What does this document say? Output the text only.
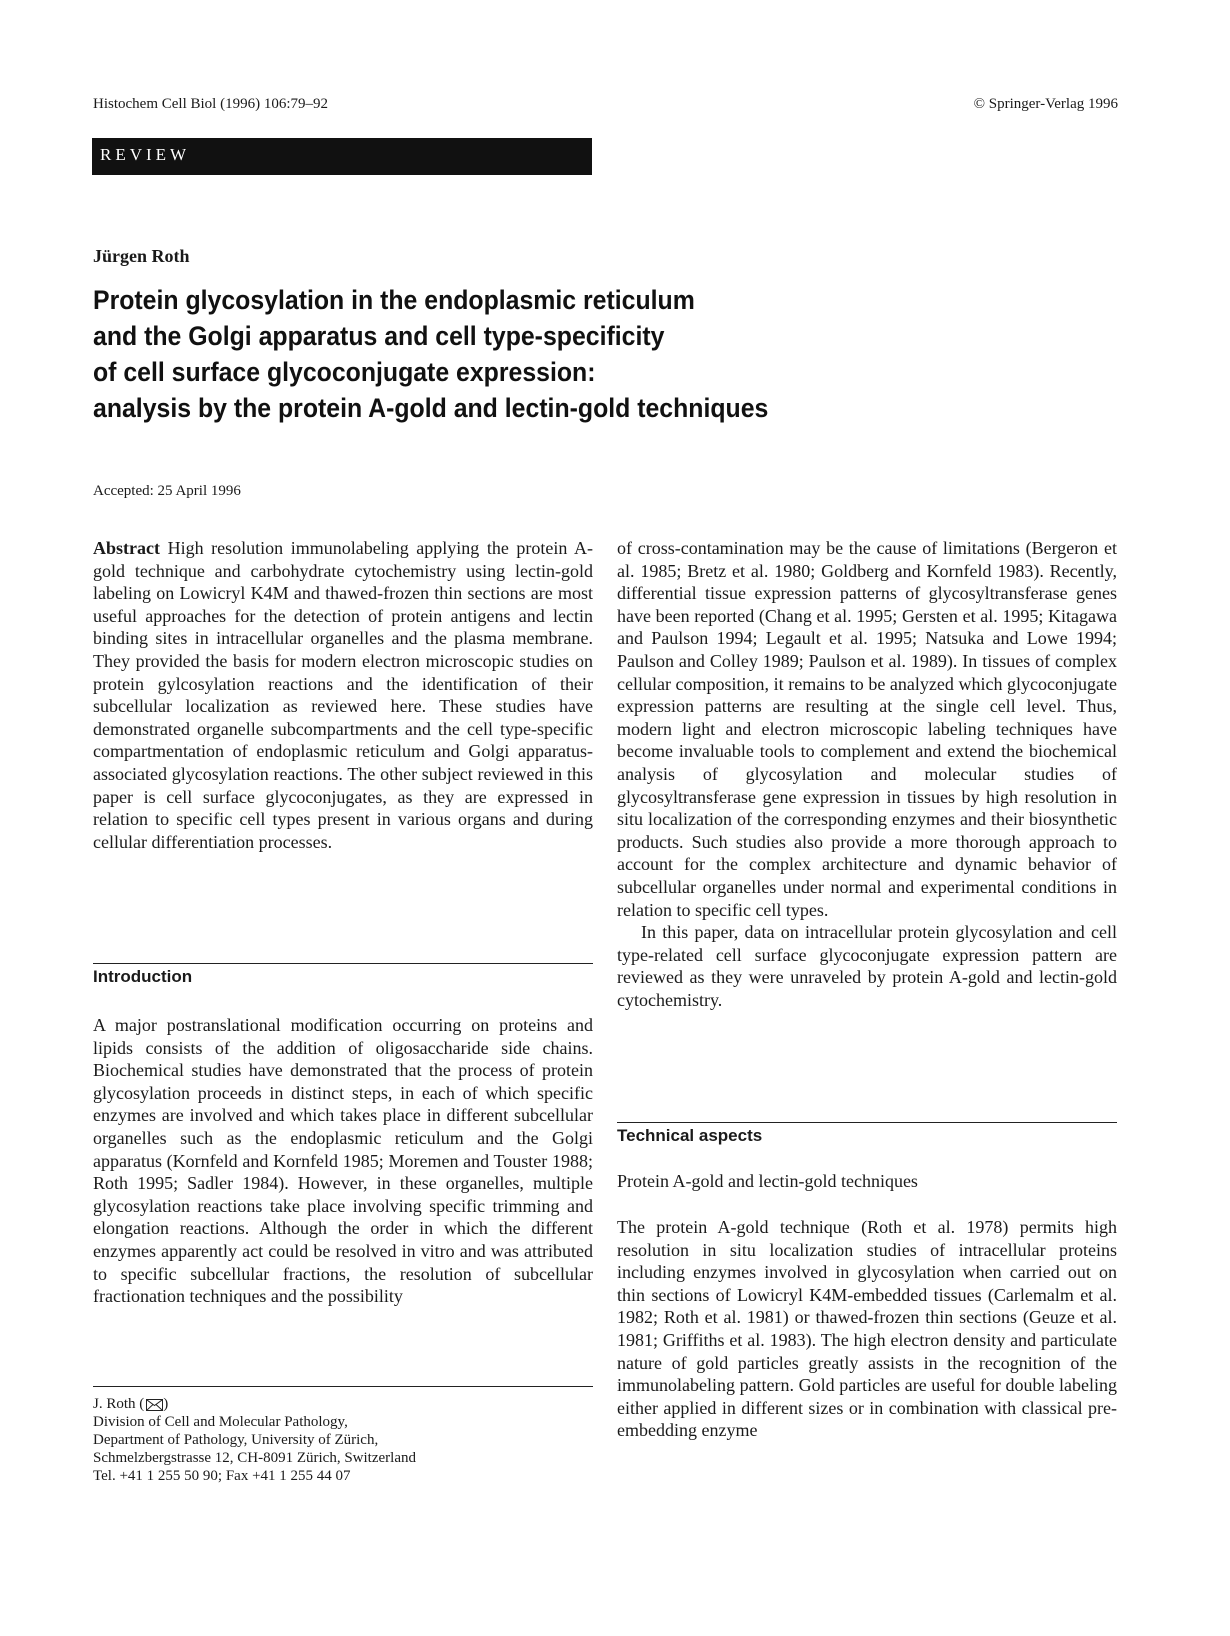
Histochem Cell Biol (1996) 106:79–92	© Springer-Verlag 1996
REVIEW
Jürgen Roth
Protein glycosylation in the endoplasmic reticulum
and the Golgi apparatus and cell type-specificity
of cell surface glycoconjugate expression:
analysis by the protein A-gold and lectin-gold techniques
Accepted: 25 April 1996

Abstract High resolution immunolabeling applying the protein A-gold technique and carbohydrate cytochemistry using lectin-gold labeling on Lowicryl K4M and thawed-frozen thin sections are most useful approaches for the detection of protein antigens and lectin binding sites in intracellular organelles and the plasma membrane. They provided the basis for modern electron microscopic studies on protein gylcosylation reactions and the identification of their subcellular localization as reviewed here. These studies have demonstrated organelle subcompartments and the cell type-specific compartmentation of endoplasmic reticulum and Golgi apparatus-associated glycosylation reactions. The other subject reviewed in this paper is cell surface glycoconjugates, as they are expressed in relation to specific cell types present in various organs and during cellular differentiation processes.

Introduction

A major postranslational modification occurring on proteins and lipids consists of the addition of oligosaccharide side chains. Biochemical studies have demonstrated that the process of protein glycosylation proceeds in distinct steps, in each of which specific enzymes are involved and which takes place in different subcellular organelles such as the endoplasmic reticulum and the Golgi apparatus (Kornfeld and Kornfeld 1985; Moremen and Touster 1988; Roth 1995; Sadler 1984). However, in these organelles, multiple glycosylation reactions take place involving specific trimming and elongation reactions. Although the order in which the different enzymes apparently act could be resolved in vitro and was attributed to specific subcellular fractions, the resolution of subcellular fractionation techniques and the possibility

J. Roth ( )
Division of Cell and Molecular Pathology,
Department of Pathology, University of Zürich,
Schmelzbergstrasse 12, CH-8091 Zürich, Switzerland
Tel. +41 1 255 50 90; Fax +41 1 255 44 07

of cross-contamination may be the cause of limitations (Bergeron et al. 1985; Bretz et al. 1980; Goldberg and Kornfeld 1983). Recently, differential tissue expression patterns of glycosyltransferase genes have been reported (Chang et al. 1995; Gersten et al. 1995; Kitagawa and Paulson 1994; Legault et al. 1995; Natsuka and Lowe 1994; Paulson and Colley 1989; Paulson et al. 1989). In tissues of complex cellular composition, it remains to be analyzed which glycoconjugate expression patterns are resulting at the single cell level. Thus, modern light and electron microscopic labeling techniques have become invaluable tools to complement and extend the biochemical analysis of glycosylation and molecular studies of glycosyltransferase gene expression in tissues by high resolution in situ localization of the corresponding enzymes and their biosynthetic products. Such studies also provide a more thorough approach to account for the complex architecture and dynamic behavior of subcellular organelles under normal and experimental conditions in relation to specific cell types.

In this paper, data on intracellular protein glycosylation and cell type-related cell surface glycoconjugate expression pattern are reviewed as they were unraveled by protein A-gold and lectin-gold cytochemistry.

Technical aspects
Protein A-gold and lectin-gold techniques

The protein A-gold technique (Roth et al. 1978) permits high resolution in situ localization studies of intracellular proteins including enzymes involved in glycosylation when carried out on thin sections of Lowicryl K4M-embedded tissues (Carlemalm et al. 1982; Roth et al. 1981) or thawed-frozen thin sections (Geuze et al. 1981; Griffiths et al. 1983). The high electron density and particulate nature of gold particles greatly assists in the recognition of the immunolabeling pattern. Gold particles are useful for double labeling either applied in different sizes or in combination with classical pre-embedding enzyme
